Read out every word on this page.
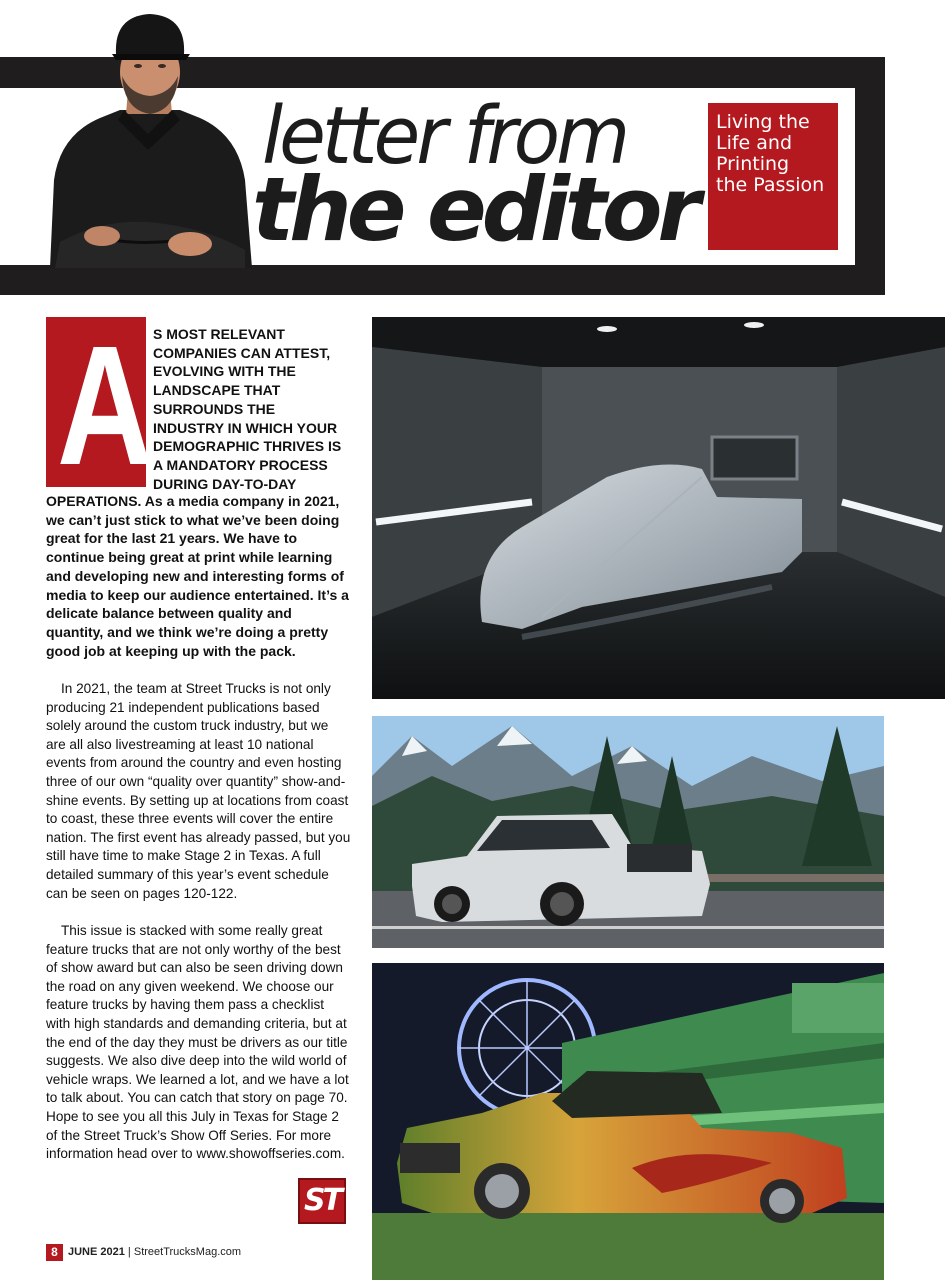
letter from
the editor
Living the
Life and
Printing
the Passion
A S MOST RELEVANT
COMPANIES CAN ATTEST,
EVOLVING WITH THE
LANDSCAPE THAT
SURROUNDS THE
INDUSTRY IN WHICH YOUR
DEMOGRAPHIC THRIVES IS
A MANDATORY PROCESS
DURING DAY-TO-DAY

OPERATIONS. As a media company in 2021, we can’t just stick to what we’ve been doing great for the last 21 years. We have to continue being great at print while learning and developing new and interesting forms of media to keep our audience entertained. It’s a delicate balance between quality and quantity, and we think we’re doing a pretty good job at keeping up with the pack.

In 2021, the team at Street Trucks is not only producing 21 independent publications based solely around the custom truck industry, but we are all also livestreaming at least 10 national events from around the country and even hosting three of our own “quality over quantity” show-and-shine events. By setting up at locations from coast to coast, these three events will cover the entire nation. The first event has already passed, but you still have time to make Stage 2 in Texas. A full detailed summary of this year’s event schedule can be seen on pages 120-122.

This issue is stacked with some really great feature trucks that are not only worthy of the best of show award but can also be seen driving down the road on any given weekend. We choose our feature trucks by having them pass a checklist with high standards and demanding criteria, but at the end of the day they must be drivers as our title suggests. We also dive deep into the wild world of vehicle wraps. We learned a lot, and we have a lot to talk about. You can catch that story on page 70. Hope to see you all this July in Texas for Stage 2 of the Street Truck’s Show Off Series. For more information head over to www.showoffseries.com.

ST
8 JUNE 2021 | StreetTrucksMag.com
